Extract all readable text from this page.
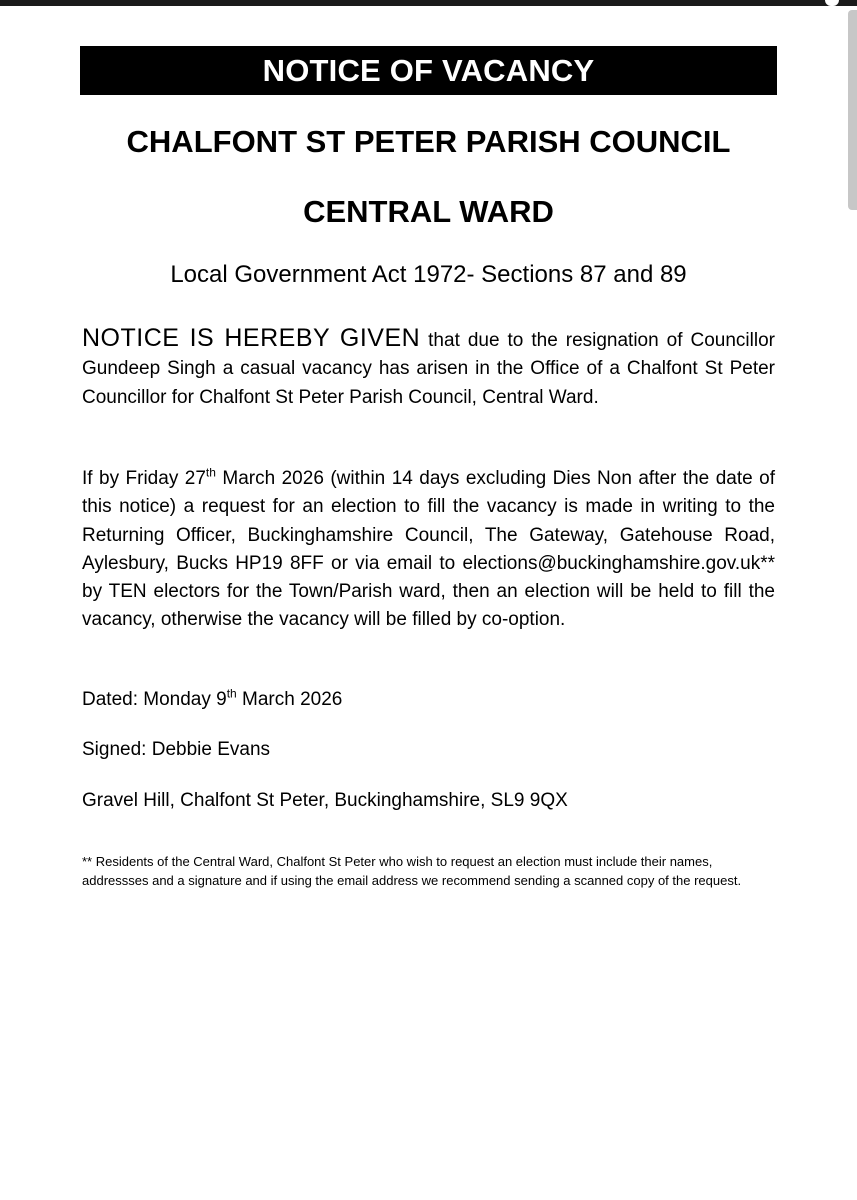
NOTICE OF VACANCY
CHALFONT ST PETER PARISH COUNCIL
CENTRAL WARD
Local Government Act 1972- Sections 87 and 89
NOTICE IS HEREBY GIVEN that due to the resignation of Councillor Gundeep Singh a casual vacancy has arisen in the Office of a Chalfont St Peter Councillor for Chalfont St Peter Parish Council, Central Ward.
If by Friday 27th March 2026 (within 14 days excluding Dies Non after the date of this notice) a request for an election to fill the vacancy is made in writing to the Returning Officer, Buckinghamshire Council, The Gateway, Gatehouse Road, Aylesbury, Bucks HP19 8FF or via email to elections@buckinghamshire.gov.uk** by TEN electors for the Town/Parish ward, then an election will be held to fill the vacancy, otherwise the vacancy will be filled by co-option.
Dated: Monday 9th March 2026
Signed: Debbie Evans
Gravel Hill, Chalfont St Peter, Buckinghamshire, SL9 9QX
** Residents of the Central Ward, Chalfont St Peter who wish to request an election must include their names, addressses and a signature and if using the email address we recommend sending a scanned copy of the request.
